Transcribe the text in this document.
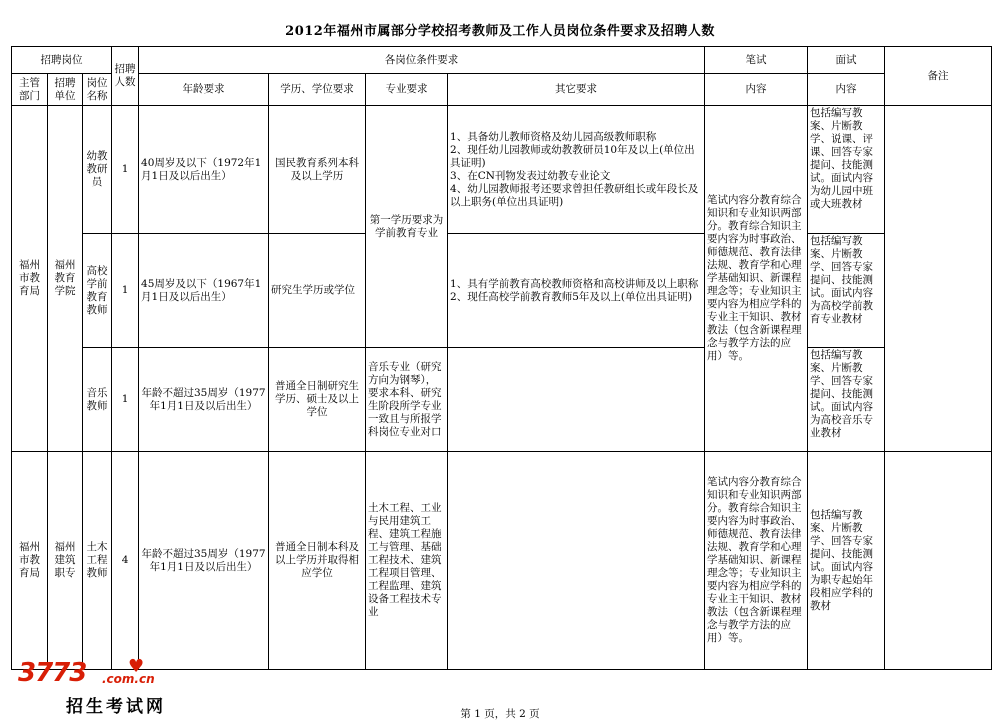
2012年福州市属部分学校招考教师及工作人员岗位条件要求及招聘人数
招聘岗位			招聘人数	各岗位条件要求				笔试	面试	备注
主管部门	招聘单位	岗位名称		年龄要求	学历、学位要求	专业要求	其它要求	内容	内容	
福州市教育局	福州教育学院	幼教教研员	1	40周岁及以下（1972年1月1日及以后出生）	国民教育系列本科及以上学历	第一学历要求为学前教育专业	1、具备幼儿教师资格及幼儿园高级教师职称
2、现任幼儿园教师或幼教教研员10年及以上(单位出具证明)
3、在CN刊物发表过幼教专业论文
4、幼儿园教师报考还要求曾担任教研组长或年段长及以上职务(单位出具证明)	笔试内容分教育综合知识和专业知识两部分。教育综合知识主要内容为时事政治、师德规范、教育法律法规、教育学和心理学基础知识、新课程理念等；专业知识主要内容为相应学科的专业主干知识、教材教法（包含新课程理念与教学方法的应用）等。	包括编写教案、片断教学、说课、评课、回答专家提问、技能测试。面试内容为幼儿园中班或大班教材	
		高校学前教育教师	1	45周岁及以下（1967年1月1日及以后出生）	研究生学历或学位		1、具有学前教育高校教师资格和高校讲师及以上职称
2、现任高校学前教育教师5年及以上(单位出具证明)		包括编写教案、片断教学、回答专家提问、技能测试。面试内容为高校学前教育专业教材	
		音乐教师	1	年龄不超过35周岁（1977年1月1日及以后出生）	普通全日制研究生学历、硕士及以上学位	音乐专业（研究方向为钢琴），要求本科、研究生阶段所学专业一致且与所报学科岗位专业对口			包括编写教案、片断教学、回答专家提问、技能测试。面试内容为高校音乐专业教材	
福州市教育局	福州建筑职专	土木工程教师	4	年龄不超过35周岁（1977年1月1日及以后出生）	普通全日制本科及以上学历并取得相应学位	土木工程、工业与民用建筑工程、建筑工程施工与管理、基础工程技术、建筑工程项目管理、工程监理、建筑设备工程技术专业		笔试内容分教育综合知识和专业知识两部分。教育综合知识主要内容为时事政治、师德规范、教育法律法规、教育学和心理学基础知识、新课程理念等；专业知识主要内容为相应学科的专业主干知识、教材教法（包含新课程理念与教学方法的应用）等。	包括编写教案、片断教学、回答专家提问、技能测试。面试内容为职专起始年段相应学科的教材	
3773 ♥
.com.cn
招生考试网	第 1 页，共 2 页
